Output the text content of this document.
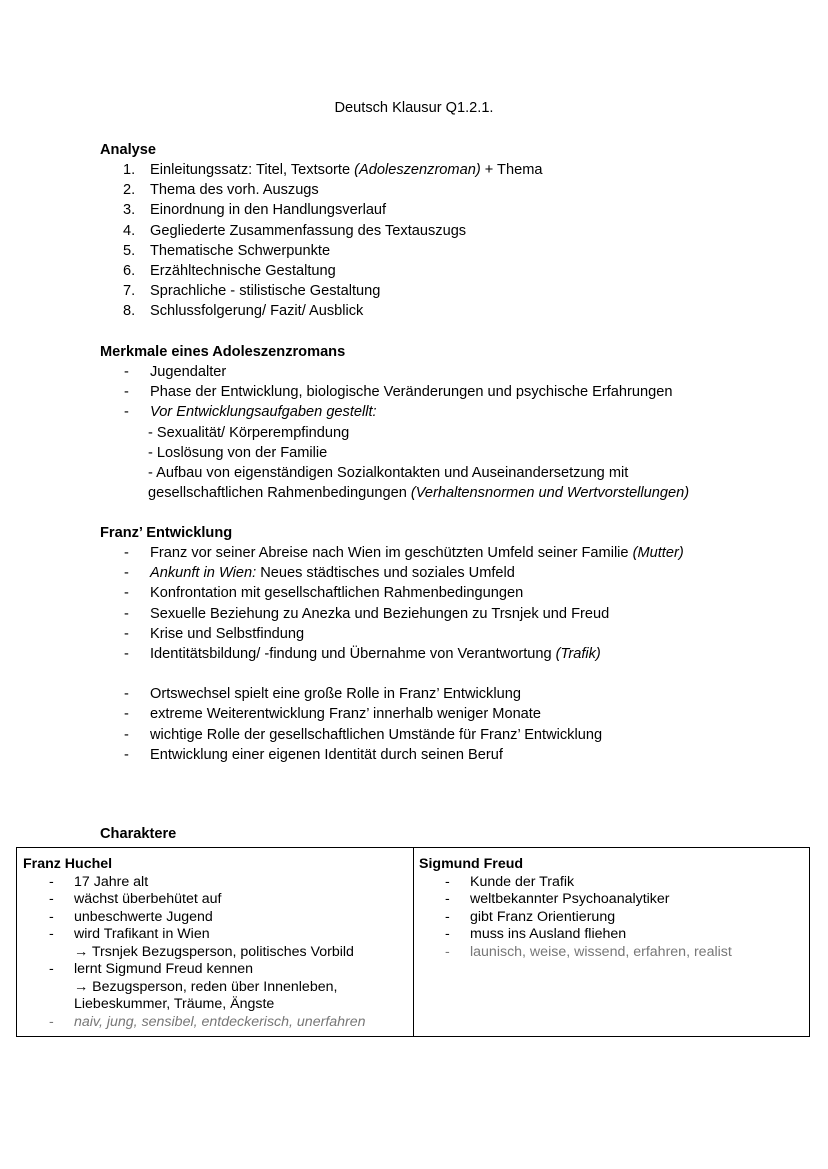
Deutsch Klausur Q1.2.1.
Analyse
1. Einleitungssatz: Titel, Textsorte (Adoleszenzroman) + Thema
2. Thema des vorh. Auszugs
3. Einordnung in den Handlungsverlauf
4. Gegliederte Zusammenfassung des Textauszugs
5. Thematische Schwerpunkte
6. Erzähltechnische Gestaltung
7. Sprachliche - stilistische Gestaltung
8. Schlussfolgerung/ Fazit/ Ausblick
Merkmale eines Adoleszenzromans
- Jugendalter
- Phase der Entwicklung, biologische Veränderungen und psychische Erfahrungen
- Vor Entwicklungsaufgaben gestellt:
- Sexualität/ Körperempfindung
- Loslösung von der Familie
- Aufbau von eigenständigen Sozialkontakten und Auseinandersetzung mit
gesellschaftlichen Rahmenbedingungen (Verhaltensnormen und Wertvorstellungen)
Franz’ Entwicklung
- Franz vor seiner Abreise nach Wien im geschützten Umfeld seiner Familie (Mutter)
- Ankunft in Wien: Neues städtisches und soziales Umfeld
- Konfrontation mit gesellschaftlichen Rahmenbedingungen
- Sexuelle Beziehung zu Anezka und Beziehungen zu Trsnjek und Freud
- Krise und Selbstfindung
- Identitätsbildung/ -findung und Übernahme von Verantwortung (Trafik)
- Ortswechsel spielt eine große Rolle in Franz’ Entwicklung
- extreme Weiterentwicklung Franz’ innerhalb weniger Monate
- wichtige Rolle der gesellschaftlichen Umstände für Franz’ Entwicklung
- Entwicklung einer eigenen Identität durch seinen Beruf
Charaktere
Franz Huchel
- 17 Jahre alt
- wächst überbehütet auf
- unbeschwerte Jugend
- wird Trafikant in Wien
→ Trsnjek Bezugsperson, politisches Vorbild
- lernt Sigmund Freud kennen
→ Bezugsperson, reden über Innenleben,
Liebeskummer, Träume, Ängste
- naiv, jung, sensibel, entdeckerisch, unerfahren
Sigmund Freud
- Kunde der Trafik
- weltbekannter Psychoanalytiker
- gibt Franz Orientierung
- muss ins Ausland fliehen
- launisch, weise, wissend, erfahren, realist
